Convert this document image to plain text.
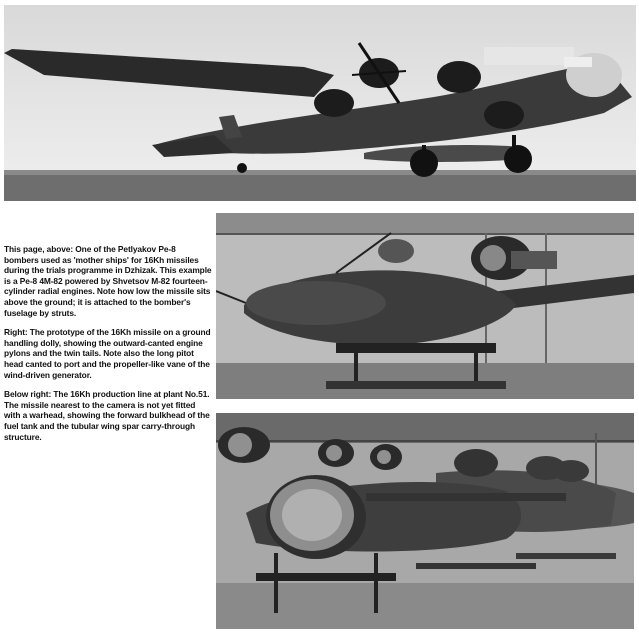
This page, above: One of the Petlyakov Pe-8 bombers used as 'mother ships' for 16Kh missiles during the trials programme in Dzhizak. This example is a Pe-8 4M-82 powered by Shvetsov M-82 fourteen-cylinder radial engines. Note how low the missile sits above the ground; it is attached to the bomber's fuselage by struts.

Right: The prototype of the 16Kh missile on a ground handling dolly, showing the outward-canted engine pylons and the twin tails. Note also the long pitot head canted to port and the propeller-like vane of the wind-driven generator.

Below right: The 16Kh production line at plant No.51. The missile nearest to the camera is not yet fitted with a warhead, showing the forward bulkhead of the fuel tank and the tubular wing spar carry-through structure.
